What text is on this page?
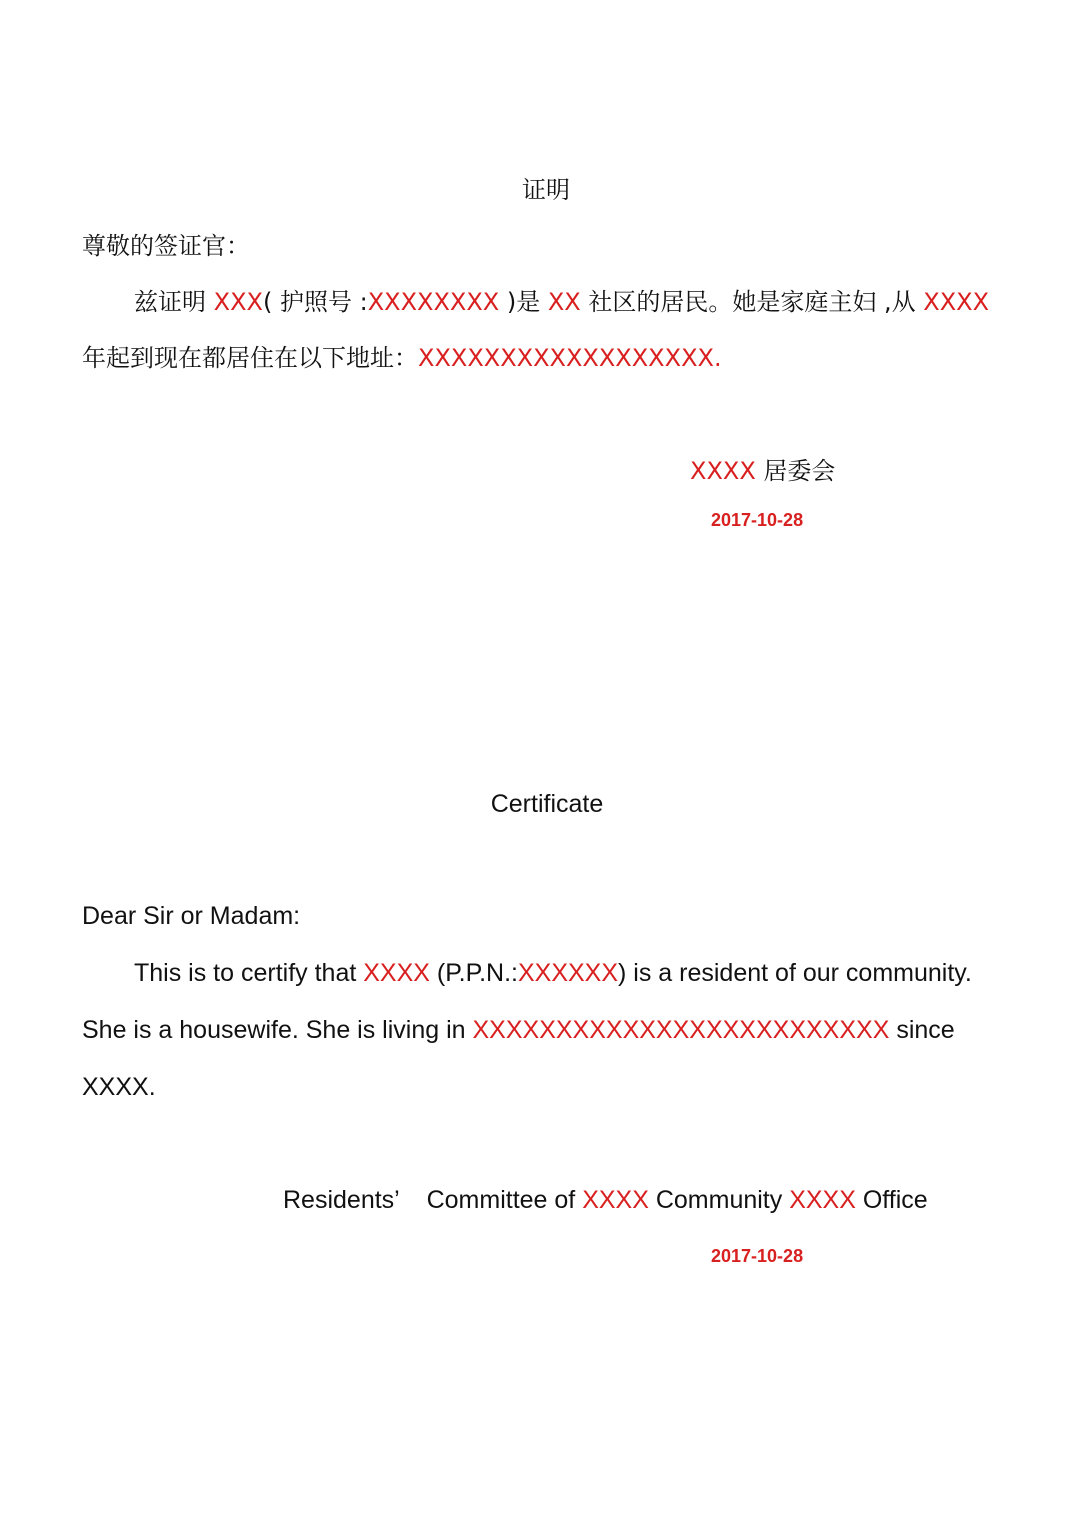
证明
尊敬的签证官：
兹证明 XXX( 护照号 :XXXXXXXX )是 XX 社区的居民。她是家庭主妇 ,从 XXXX
年起到现在都居住在以下地址：XXXXXXXXXXXXXXXXXX.
XXXX 居委会
2017-10-28
Certificate
Dear Sir or Madam:
This is to certify that XXXX (P.P.N.:XXXXXX) is a resident of our community.
She is a housewife. She is living in XXXXXXXXXXXXXXXXXXXXXXXXX since
XXXX.
Residents’    Committee of XXXX Community XXXX Office
2017-10-28
